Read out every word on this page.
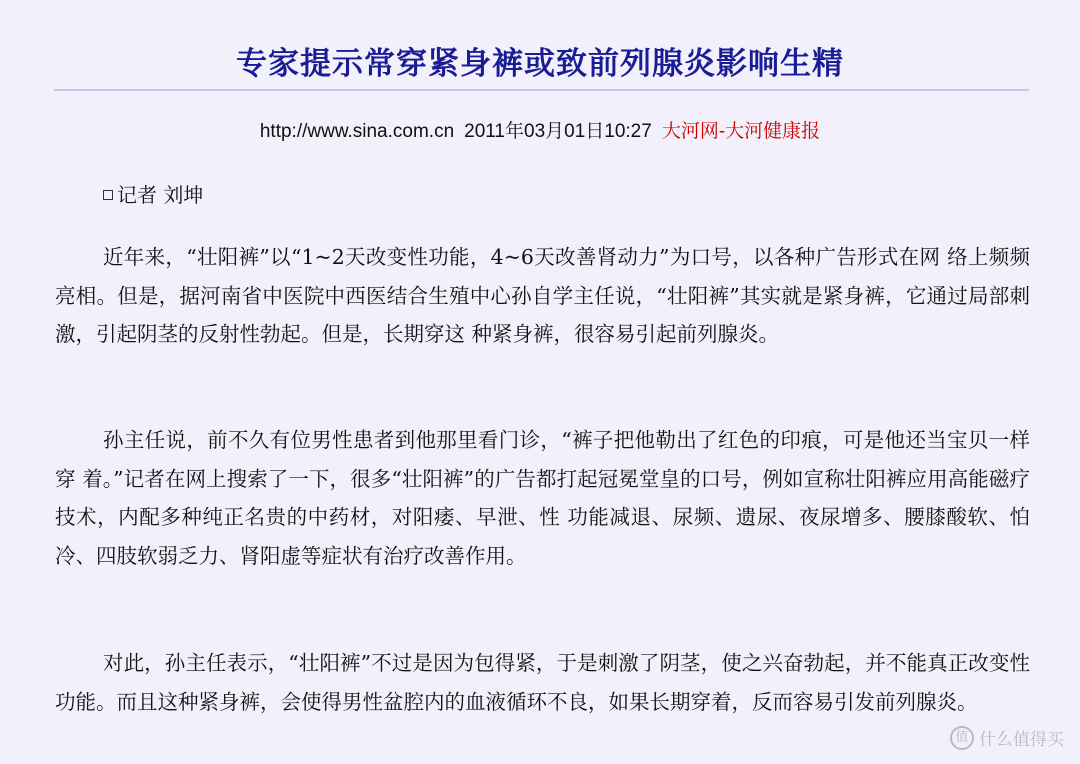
专家提示常穿紧身裤或致前列腺炎影响生精
http://www.sina.com.cn 2011年03月01日10:27 大河网-大河健康报
记者 刘坤

近年来，“壮阳裤”以“1~2天改变性功能，4~6天改善肾动力”为口号，以各种广告形式在网 络上频频亮相。但是，据河南省中医院中西医结合生殖中心孙自学主任说，“壮阳裤”其实就是紧身裤，它通过局部刺激，引起阴茎的反射性勃起。但是，长期穿这 种紧身裤，很容易引起前列腺炎。

孙主任说，前不久有位男性患者到他那里看门诊，“裤子把他勒出了红色的印痕，可是他还当宝贝一样穿 着。”记者在网上搜索了一下，很多“壮阳裤”的广告都打起冠冕堂皇的口号，例如宣称壮阳裤应用高能磁疗技术，内配多种纯正名贵的中药材，对阳痿、早泄、性 功能减退、尿频、遗尿、夜尿增多、腰膝酸软、怕冷、四肢软弱乏力、肾阳虚等症状有治疗改善作用。

对此，孙主任表示，“壮阳裤”不过是因为包得紧，于是刺激了阴茎，使之兴奋勃起，并不能真正改变性功能。而且这种紧身裤，会使得男性盆腔内的血液循环不良，如果长期穿着，反而容易引发前列腺炎。

值 什么值得买
